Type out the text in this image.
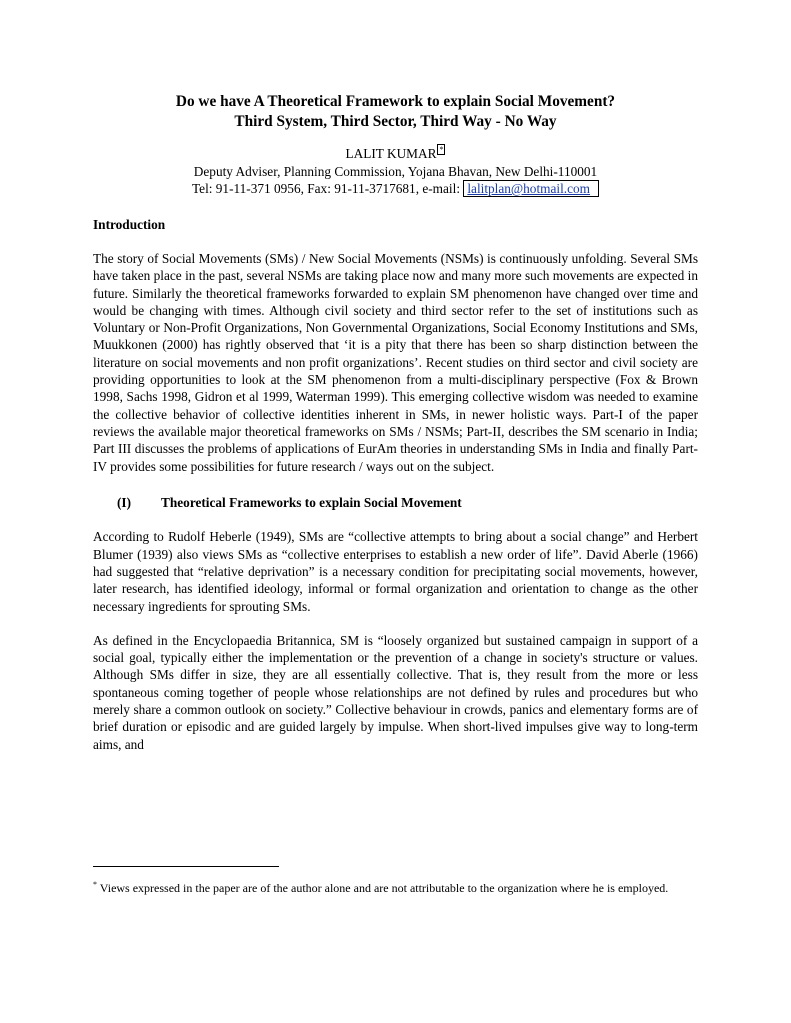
Do we have A Theoretical Framework to explain Social Movement?
Third System, Third Sector, Third Way - No Way

LALIT KUMAR *
Deputy Adviser, Planning Commission, Yojana Bhavan, New Delhi-110001
Tel: 91-11-371 0956, Fax: 91-11-3717681, e-mail: lalitplan@hotmail.com
Introduction

The story of Social Movements (SMs) / New Social Movements (NSMs) is continuously unfolding. Several SMs have taken place in the past, several NSMs are taking place now and many more such movements are expected in future. Similarly the theoretical frameworks forwarded to explain SM phenomenon have changed over time and would be changing with times. Although civil society and third sector refer to the set of institutions such as Voluntary or Non-Profit Organizations, Non Governmental Organizations, Social Economy Institutions and SMs, Muukkonen (2000) has rightly observed that ‘it is a pity that there has been so sharp distinction between the literature on social movements and non profit organizations’. Recent studies on third sector and civil society are providing opportunities to look at the SM phenomenon from a multi-disciplinary perspective (Fox & Brown 1998, Sachs 1998, Gidron et al 1999, Waterman 1999). This emerging collective wisdom was needed to examine the collective behavior of collective identities inherent in SMs, in newer holistic ways. Part-I of the paper reviews the available major theoretical frameworks on SMs / NSMs; Part-II, describes the SM scenario in India; Part III discusses the problems of applications of EurAm theories in understanding SMs in India and finally Part-IV provides some possibilities for future research / ways out on the subject.

(I)	Theoretical Frameworks to explain Social Movement

According to Rudolf Heberle (1949), SMs are “collective attempts to bring about a social change” and Herbert Blumer (1939) also views SMs as “collective enterprises to establish a new order of life”. David Aberle (1966) had suggested that “relative deprivation” is a necessary condition for precipitating social movements, however, later research, has identified ideology, informal or formal organization and orientation to change as the other necessary ingredients for sprouting SMs.

As defined in the Encyclopaedia Britannica, SM is “loosely organized but sustained campaign in support of a social goal, typically either the implementation or the prevention of a change in society's structure or values. Although SMs differ in size, they are all essentially collective. That is, they result from the more or less spontaneous coming together of people whose relationships are not defined by rules and procedures but who merely share a common outlook on society.” Collective behaviour in crowds, panics and elementary forms are of brief duration or episodic and are guided largely by impulse. When short-lived impulses give way to long-term aims, and

* Views expressed in the paper are of the author alone and are not attributable to the organization where he is employed.
